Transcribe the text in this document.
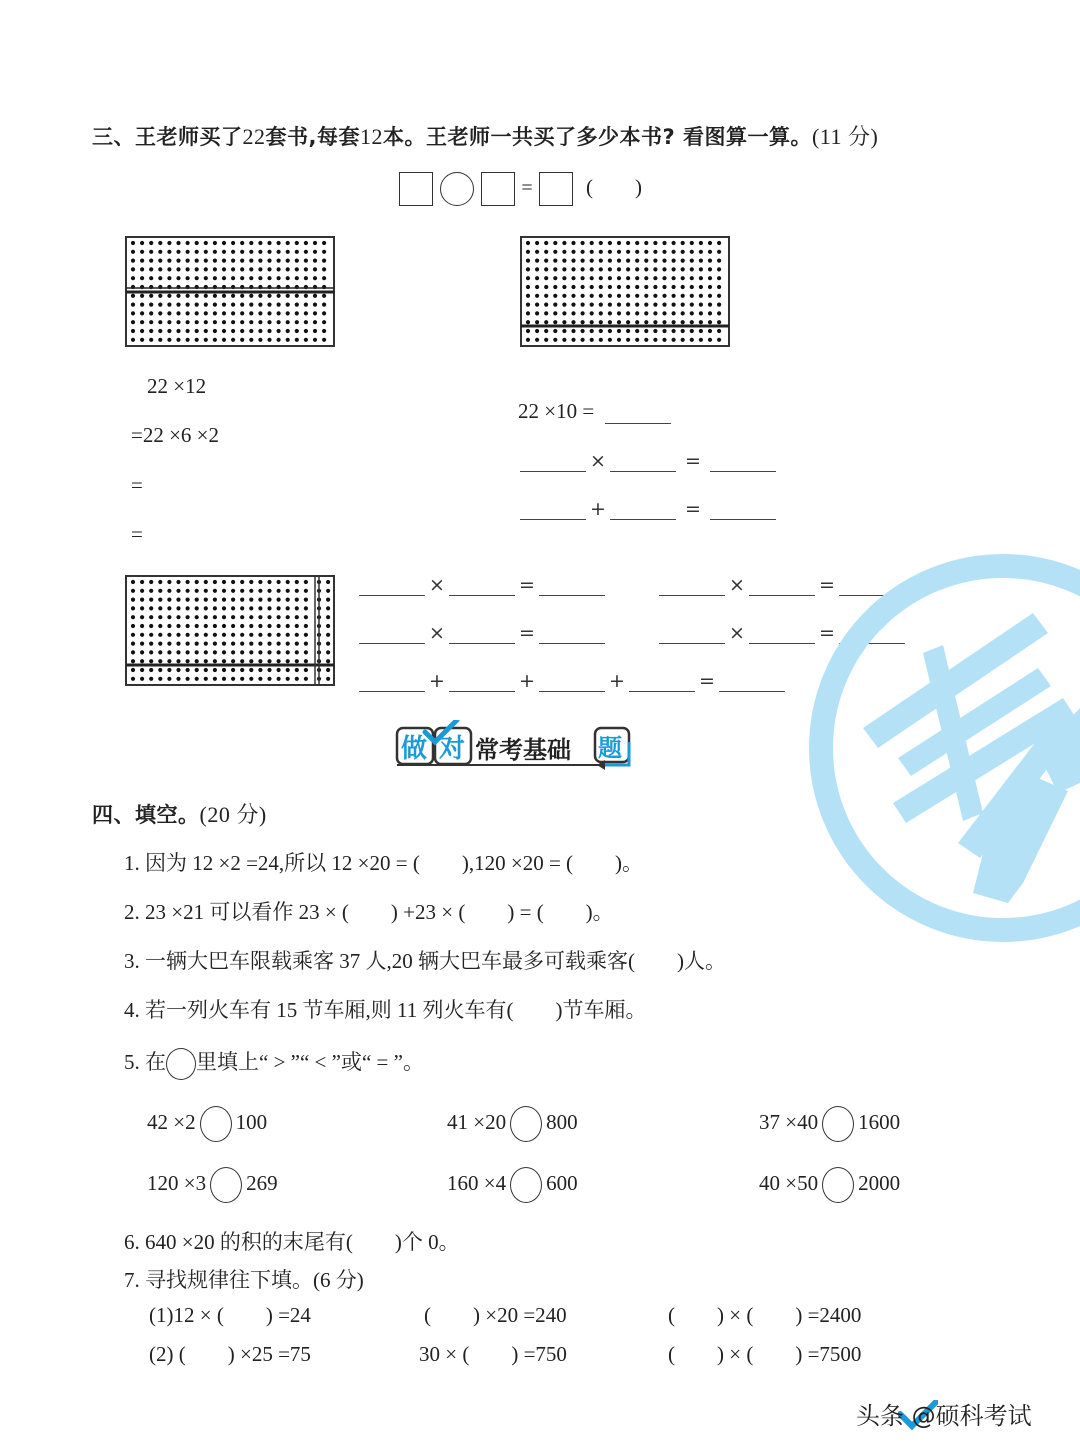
三、王老师买了22套书,每套12本。王老师一共买了多少本书? 看图算一算。(11 分)
=	(        )
22 ×12
=22 ×6 ×2
=
=
22 ×10 =
×	=
+	=
×	=	×	=
×	=	×	=
+	+	+	=
做 对 常考基础 题
四、填空。(20 分)
1. 因为 12 ×2 =24,所以 12 ×20 = (        ),120 ×20 = (        )。
2. 23 ×21 可以看作 23 × (        ) +23 × (        ) = (        )。
3. 一辆大巴车限载乘客 37 人,20 辆大巴车最多可载乘客(        )人。
4. 若一列火车有 15 节车厢,则 11 列火车有(        )节车厢。
5. 在 里填上“ > ”“ < ”或“ = ”。
42 ×2 100	41 ×20 800	37 ×40 1600
120 ×3 269	160 ×4 600	40 ×50 2000
6. 640 ×20 的积的末尾有(        )个 0。
7. 寻找规律往下填。(6 分)
(1)12 × (        ) =24	(        ) ×20 =240	(        ) × (        ) =2400
(2) (        ) ×25 =75	30 × (        ) =750	(        ) × (        ) =7500
头条 @硕科考试
